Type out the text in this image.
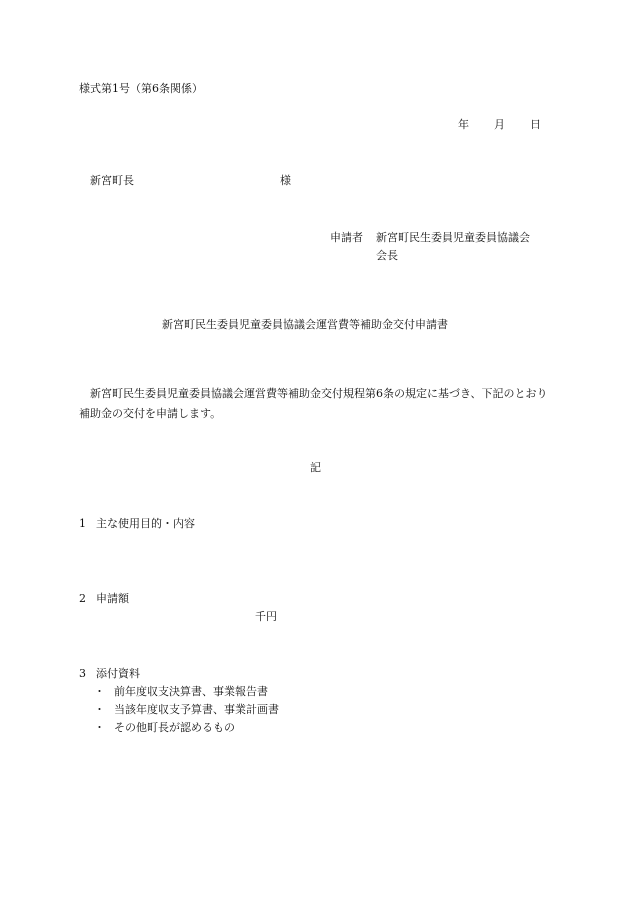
様式第1号（第6条関係）
年 月 日
新宮町長	様
申請者 新宮町民生委員児童委員協議会
会長
新宮町民生委員児童委員協議会運営費等補助金交付申請書
新宮町民生委員児童委員協議会運営費等補助金交付規程第6条の規定に基づき、下記のとおり補助金の交付を申請します。
記
1 主な使用目的・内容
2 申請額
千円
3 添付資料
・ 前年度収支決算書、事業報告書
・ 当該年度収支予算書、事業計画書
・ その他町長が認めるもの
